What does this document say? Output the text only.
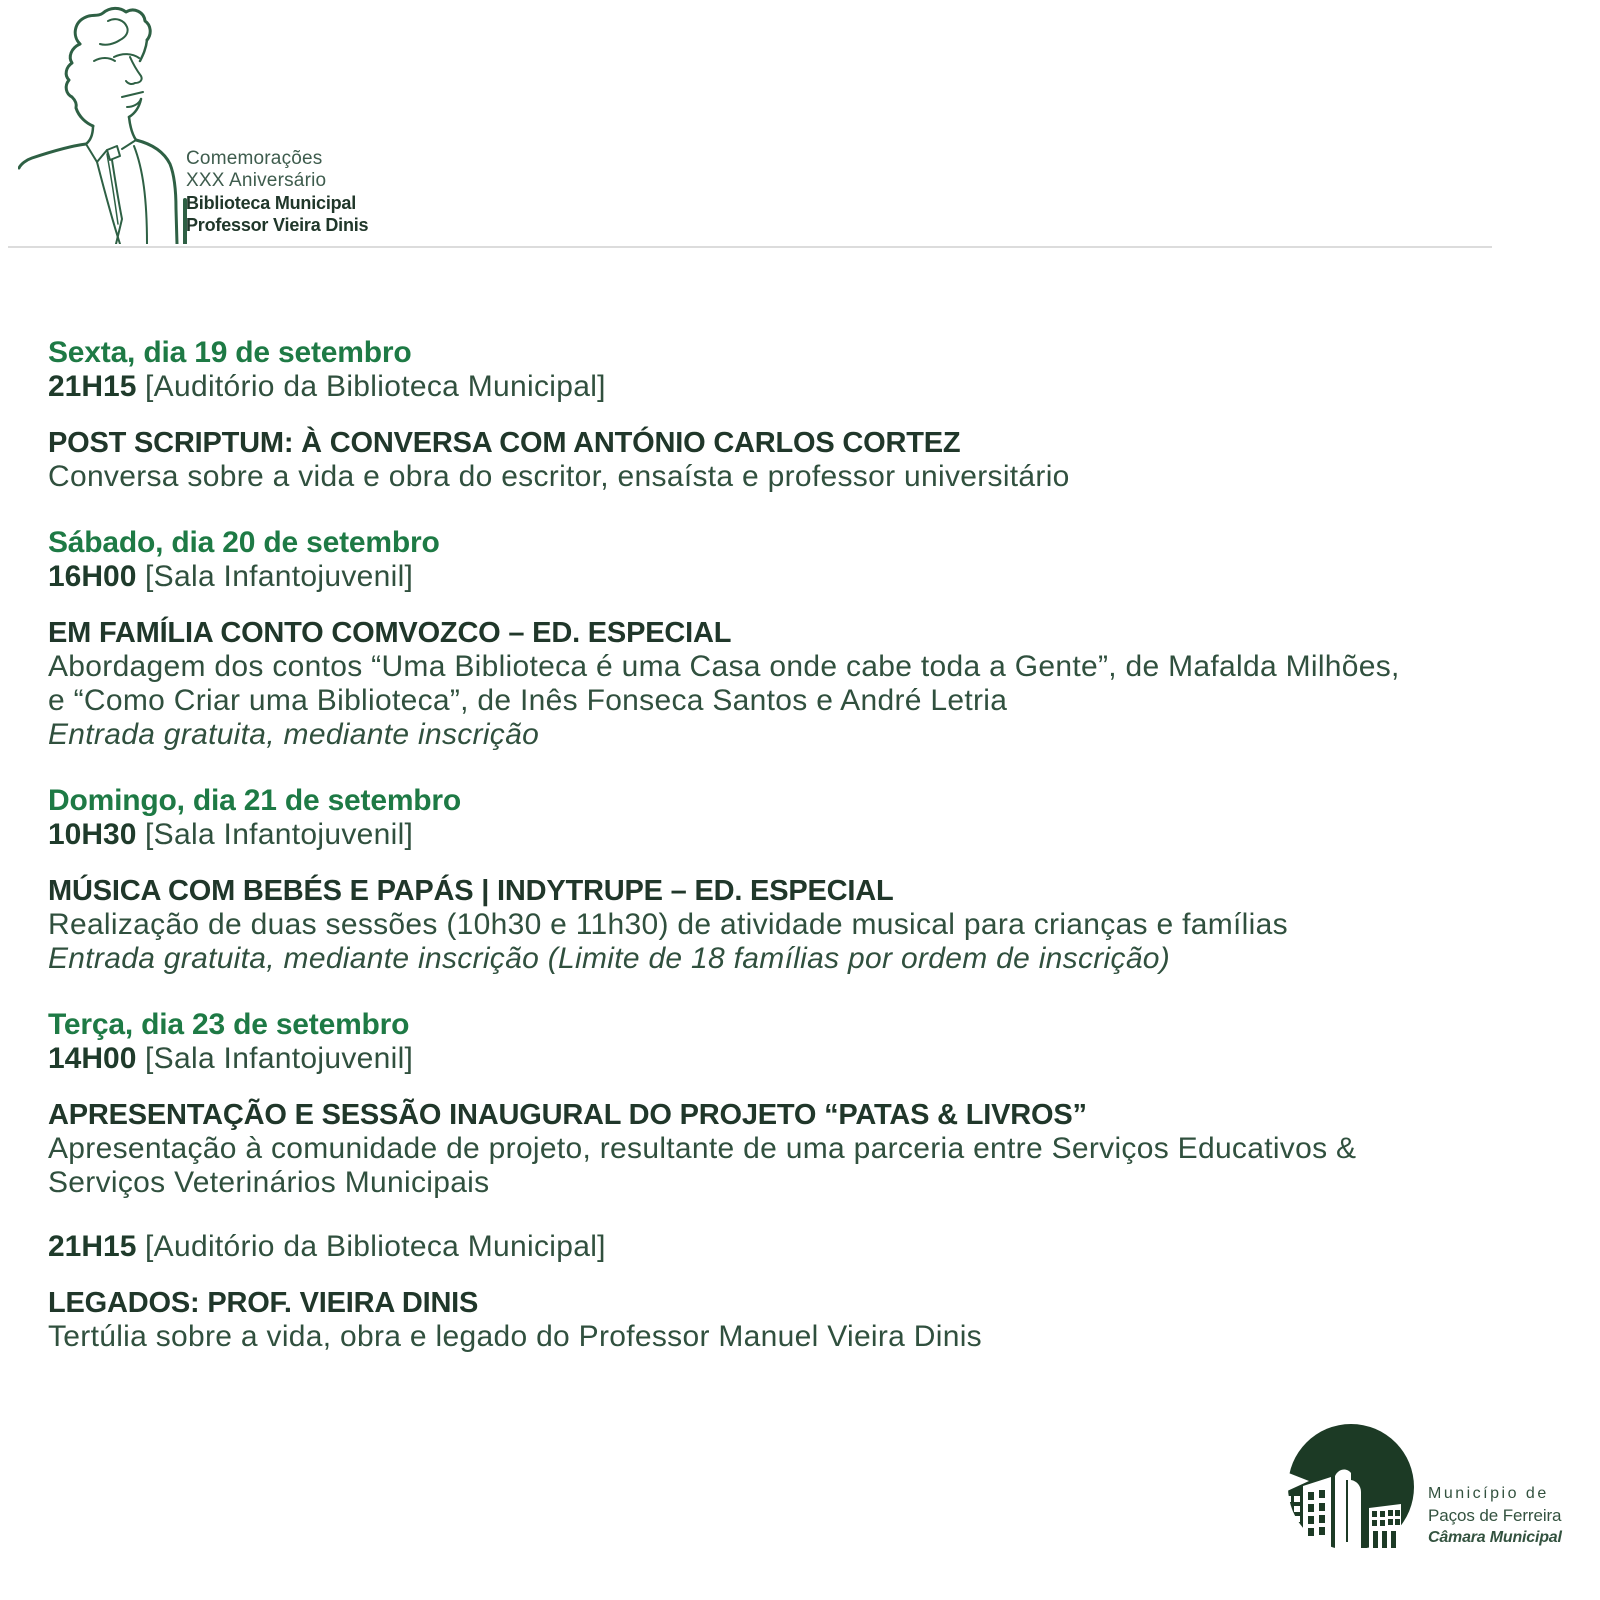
Comemorações
XXX Aniversário
Biblioteca Municipal
Professor Vieira Dinis
Sexta, dia 19 de setembro

21H15 [Auditório da Biblioteca Municipal]

POST SCRIPTUM: À CONVERSA COM ANTÓNIO CARLOS CORTEZ

Conversa sobre a vida e obra do escritor, ensaísta e professor universitário

Sábado, dia 20 de setembro

16H00 [Sala Infantojuvenil]

EM FAMÍLIA CONTO COMVOZCO – ED. ESPECIAL

Abordagem dos contos “Uma Biblioteca é uma Casa onde cabe toda a Gente”, de Mafalda Milhões,

e “Como Criar uma Biblioteca”, de Inês Fonseca Santos e André Letria

Entrada gratuita, mediante inscrição

Domingo, dia 21 de setembro

10H30 [Sala Infantojuvenil]

MÚSICA COM BEBÉS E PAPÁS | INDYTRUPE – ED. ESPECIAL

Realização de duas sessões (10h30 e 11h30) de atividade musical para crianças e famílias

Entrada gratuita, mediante inscrição (Limite de 18 famílias por ordem de inscrição)

Terça, dia 23 de setembro

14H00 [Sala Infantojuvenil]

APRESENTAÇÃO E SESSÃO INAUGURAL DO PROJETO “PATAS & LIVROS”

Apresentação à comunidade de projeto, resultante de uma parceria entre Serviços Educativos &

Serviços Veterinários Municipais

21H15 [Auditório da Biblioteca Municipal]

LEGADOS: PROF. VIEIRA DINIS

Tertúlia sobre a vida, obra e legado do Professor Manuel Vieira Dinis

Município de
Paços de Ferreira
Câmara Municipal
